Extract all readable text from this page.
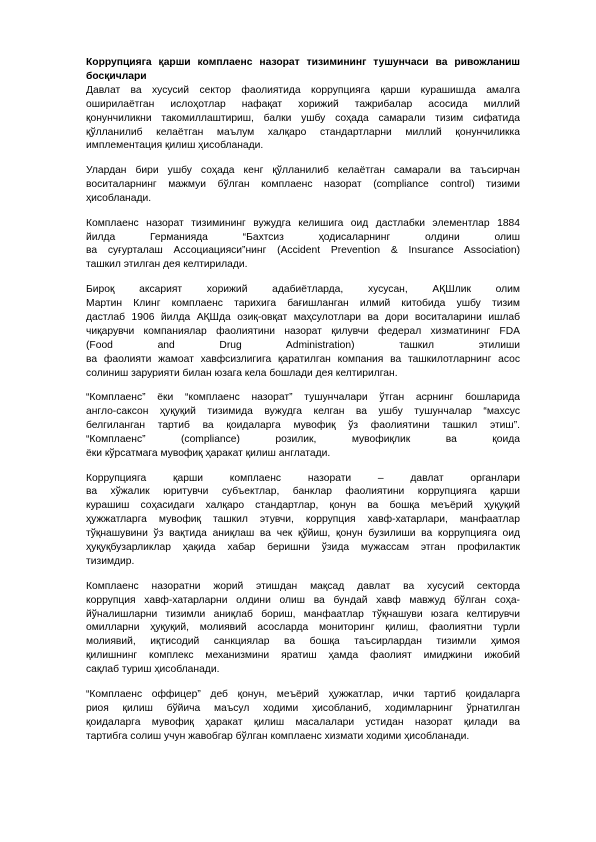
Коррупцияга қарши комплаенс назорат тизимининг тушунчаси ва ривожланиш босқичлари

Давлат ва хусусий сектор фаолиятида коррупцияга қарши курашишда амалга
оширилаётган ислоҳотлар нафақат хорижий тажрибалар асосида миллий
қонунчиликни такомиллаштириш, балки ушбу соҳада самарали тизим сифатида
қўлланилиб келаётган маълум халқаро стандартларни миллий қонунчиликка
имплементация қилиш ҳисобланади.
Улардан бири ушбу соҳада кенг қўлланилиб келаётган самарали ва таъсирчан
воситаларнинг мажмуи бўлган комплаенс назорат (compliance control) тизими
ҳисобланади.
Комплаенс назорат тизимининг вужудга келишига оид дастлабки элементлар 1884
йилда Германияда “Бахтсиз ҳодисаларнинг олдини олиш
ва суғурталаш Ассоциацияси”нинг (Accident Prevention & Insurance Association)
ташкил этилган дея келтирилади.
Бироқ аксарият хорижий адабиётларда, хусусан, АҚШлик олим
Мартин Клинг комплаенс тарихига бағишланган илмий китобида ушбу тизим
дастлаб 1906 йилда АҚШда озиқ-овқат маҳсулотлари ва дори воситаларини ишлаб
чиқарувчи компаниялар фаолиятини назорат қилувчи федерал хизматининг FDA
(Food and Drug Administration) ташкил этилиши
ва фаолияти жамоат хавфсизлигига қаратилган компания ва ташкилотларнинг асос
солиниш зарурияти билан юзага кела бошлади дея келтирилган.
“Комплаенс” ёки “комплаенс назорат” тушунчалари ўтган асрнинг бошларида
англо-саксон ҳуқуқий тизимида вужудга келган ва ушбу тушунчалар “махсус
белгиланган тартиб ва қоидаларга мувофиқ ўз фаолиятини ташкил этиш”.
“Комплаенс” (compliance) розилик, мувофиқлик ва қоида
ёки кўрсатмага мувофиқ ҳаракат қилиш англатади.
Коррупцияга қарши комплаенс назорати – давлат органлари
ва хўжалик юритувчи субъектлар, банклар фаолиятини коррупцияга қарши
курашиш соҳасидаги халқаро стандартлар, қонун ва бошқа меъёрий ҳуқуқий
ҳужжатларга мувофиқ ташкил этувчи, коррупция хавф-хатарлари, манфаатлар
тўқнашувини ўз вақтида аниқлаш ва чек қўйиш, қонун бузилиши ва коррупцияга оид
ҳуқуқбузарликлар ҳақида хабар беришни ўзида мужассам этган профилактик
тизимдир.
Комплаенс назоратни жорий этишдан мақсад давлат ва хусусий секторда
коррупция хавф-хатарларни олдини олиш ва бундай хавф мавжуд бўлган соҳа-
йўналишларни тизимли аниқлаб бориш, манфаатлар тўқнашуви юзага келтирувчи
омилларни ҳуқуқий, молиявий асосларда мониторинг қилиш, фаолиятни турли
молиявий, иқтисодий санкциялар ва бошқа таъсирлардан тизимли ҳимоя
қилишнинг комплекс механизмини яратиш ҳамда фаолият имиджини ижобий
сақлаб туриш ҳисобланади.
“Комплаенс оффицер” деб қонун, меъёрий ҳужжатлар, ички тартиб қоидаларга
риоя қилиш бўйича маъсул ходими ҳисобланиб, ходимларнинг ўрнатилган
қоидаларга мувофиқ ҳаракат қилиш масалалари устидан назорат қилади ва
тартибга солиш учун жавобгар бўлган комплаенс хизмати ходими ҳисобланади.
